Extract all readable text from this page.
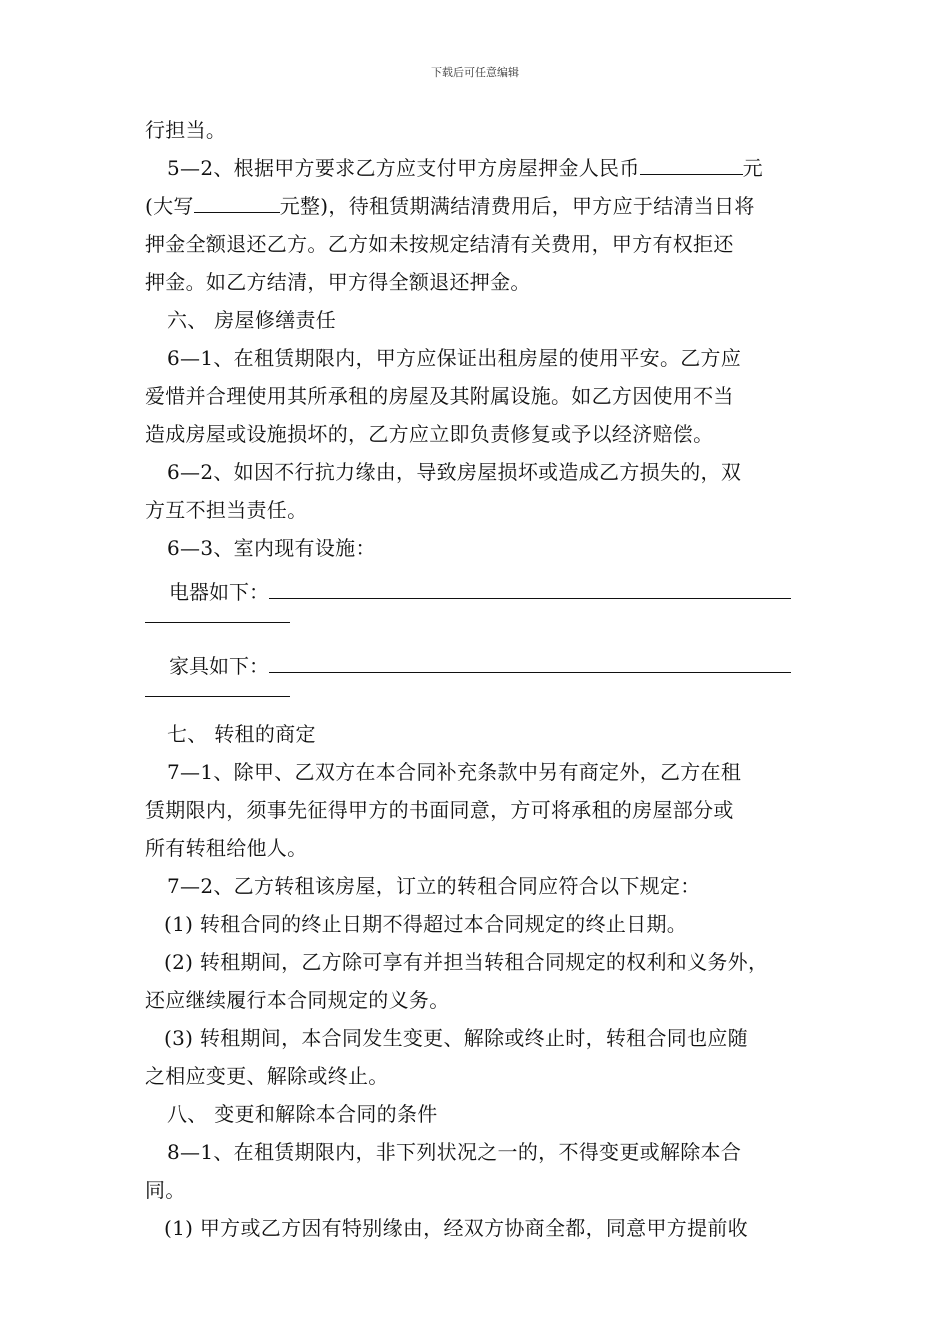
下载后可任意编辑
行担当。
5—2、根据甲方要求乙方应支付甲方房屋押金人民币	元
(大写	元整)，待租赁期满结清费用后，甲方应于结清当日将
押金全额退还乙方。乙方如未按规定结清有关费用，甲方有权拒还
押金。如乙方结清，甲方得全额退还押金。
六、 房屋修缮责任
6—1、在租赁期限内，甲方应保证出租房屋的使用平安。乙方应
爱惜并合理使用其所承租的房屋及其附属设施。如乙方因使用不当
造成房屋或设施损坏的，乙方应立即负责修复或予以经济赔偿。
6—2、如因不行抗力缘由，导致房屋损坏或造成乙方损失的，双
方互不担当责任。
6—3、室内现有设施：
电器如下：
家具如下：
七、 转租的商定
7—1、除甲、乙双方在本合同补充条款中另有商定外，乙方在租
赁期限内，须事先征得甲方的书面同意，方可将承租的房屋部分或
所有转租给他人。
7—2、乙方转租该房屋，订立的转租合同应符合以下规定：
(1) 转租合同的终止日期不得超过本合同规定的终止日期。
(2) 转租期间，乙方除可享有并担当转租合同规定的权利和义务外，
还应继续履行本合同规定的义务。
(3) 转租期间，本合同发生变更、解除或终止时，转租合同也应随
之相应变更、解除或终止。
八、 变更和解除本合同的条件
8—1、在租赁期限内，非下列状况之一的，不得变更或解除本合
同。
(1) 甲方或乙方因有特别缘由，经双方协商全都，同意甲方提前收
